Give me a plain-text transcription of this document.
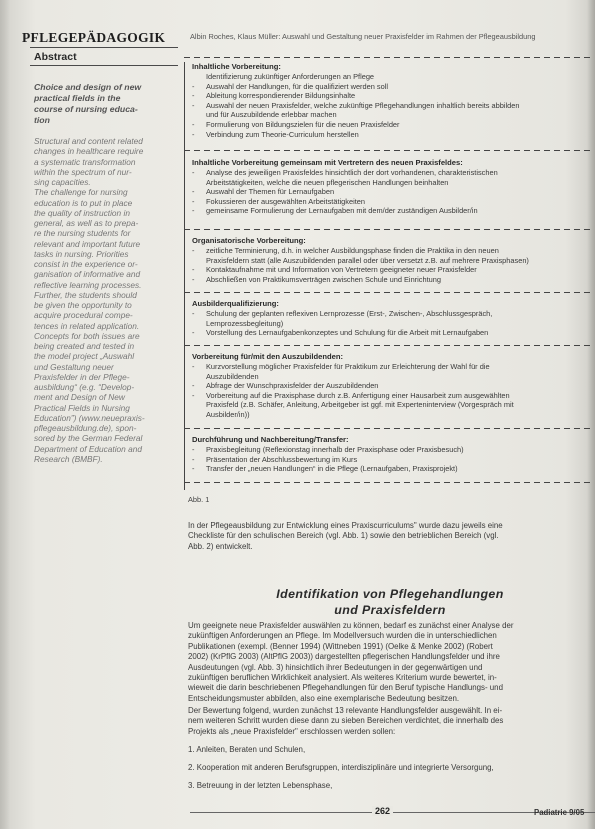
PFLEGEPÄDAGOGIK	Albin Roches, Klaus Müller: Auswahl und Gestaltung neuer Praxisfelder im Rahmen der Pflegeausbildung
Abstract
Choice and design of new
practical fields in the
course of nursing educa-
tion
Structural and content related
changes in healthcare require
a systematic transformation
within the spectrum of nur-
sing capacities.
The challenge for nursing
education is to put in place
the quality of instruction in
general, as well as to prepa-
re the nursing students for
relevant and important future
tasks in nursing. Priorities
consist in the experience or-
ganisation of informative and
reflective learning processes.
Further, the students should
be given the opportunity to
acquire procedural compe-
tences in related application.
Concepts for both issues are
being created and tested in
the model project „Auswahl
und Gestaltung neuer
Praxisfelder in der Pflege-
ausbildung“ (e.g. “Develop-
ment and Design of New
Practical Fields in Nursing
Education”) (www.neuepraxis-
pflegeausbildung.de), spon-
sored by the German Federal
Department of Education and
Research (BMBF).
Inhaltliche Vorbereitung:
Identifizierung zukünftiger Anforderungen an Pflege
-	Auswahl der Handlungen, für die qualifiziert werden soll
-	Ableitung korrespondierender Bildungsinhalte
-	Auswahl der neuen Praxisfelder, welche zukünftige Pflegehandlungen inhaltlich bereits abbilden
und für Auszubildende erlebbar machen
-	Formulierung von Bildungszielen für die neuen Praxisfelder
-	Verbindung zum Theorie-Curriculum herstellen
Inhaltliche Vorbereitung gemeinsam mit Vertretern des neuen Praxisfeldes:
-	Analyse des jeweiligen Praxisfeldes hinsichtlich der dort vorhandenen, charakteristischen
Arbeitstätigkeiten, welche die neuen pflegerischen Handlungen beinhalten
-	Auswahl der Themen für Lernaufgaben
-	Fokussieren der ausgewählten Arbeitstätigkeiten
-	gemeinsame Formulierung der Lernaufgaben mit dem/der zuständigen Ausbilder/in
Organisatorische Vorbereitung:
-	zeitliche Terminierung, d.h. in welcher Ausbildungsphase finden die Praktika in den neuen
Praxisfeldern statt (alle Auszubildenden parallel oder über versetzt z.B. auf mehrere Praxisphasen)
-	Kontaktaufnahme mit und Information von Vertretern geeigneter neuer Praxisfelder
-	Abschließen von Praktikumsverträgen zwischen Schule und Einrichtung
Ausbilderqualifizierung:
-	Schulung der geplanten reflexiven Lernprozesse (Erst-, Zwischen-, Abschlussgespräch,
Lernprozessbegleitung)
-	Vorstellung des Lernaufgabenkonzeptes und Schulung für die Arbeit mit Lernaufgaben
Vorbereitung für/mit den Auszubildenden:
-	Kurzvorstellung möglicher Praxisfelder für Praktikum zur Erleichterung der Wahl für die
Auszubildenden
-	Abfrage der Wunschpraxisfelder der Auszubildenden
-	Vorbereitung auf die Praxisphase durch z.B. Anfertigung einer Hausarbeit zum ausgewählten
Praxisfeld (z.B. Schäfer, Anleitung, Arbeitgeber ist ggf. mit Experteninterview (Vorgespräch mit
Ausbilder/in))
Durchführung und Nachbereitung/Transfer:
-	Praxisbegleitung (Reflexionstag innerhalb der Praxisphase oder Praxisbesuch)
-	Präsentation der Abschlussbewertung im Kurs
-	Transfer der „neuen Handlungen“ in die Pflege (Lernaufgaben, Praxisprojekt)
Abb. 1
In der Pflegeausbildung zur Entwicklung eines Praxiscurriculums" wurde dazu jeweils eine
Checkliste für den schulischen Bereich (vgl. Abb. 1) sowie den betrieblichen Bereich (vgl.
Abb. 2) entwickelt.
Identifikation von Pflegehandlungen
und Praxisfeldern
Um geeignete neue Praxisfelder auswählen zu können, bedarf es zunächst einer Analyse der
zukünftigen Anforderungen an Pflege. Im Modellversuch wurden die in unterschiedlichen
Publikationen (exempl. (Benner 1994) (Wittneben 1991) (Oelke & Menke 2002) (Robert
2002) (KrPflG 2003) (AltPflG 2003)) dargestellten pflegerischen Handlungsfelder und ihre
Ausdeutungen (vgl. Abb. 3) hinsichtlich ihrer Bedeutungen in der gegenwärtigen und
zukünftigen beruflichen Wirklichkeit analysiert. Als weiteres Kriterium wurde bewertet, in-
wieweit die darin beschriebenen Pflegehandlungen für den Beruf typische Handlungs- und
Entscheidungsmuster abbilden, also eine exemplarische Bedeutung besitzen.
Der Bewertung folgend, wurden zunächst 13 relevante Handlungsfelder ausgewählt. In ei-
nem weiteren Schritt wurden diese dann zu sieben Bereichen verdichtet, die innerhalb des
Projekts als „neue Praxisfelder" erschlossen werden sollen:
1. Anleiten, Beraten und Schulen,
2. Kooperation mit anderen Berufsgruppen, interdisziplinäre und integrierte Versorgung,
3. Betreuung in der letzten Lebensphase,
262	Padiatrie 9/05
